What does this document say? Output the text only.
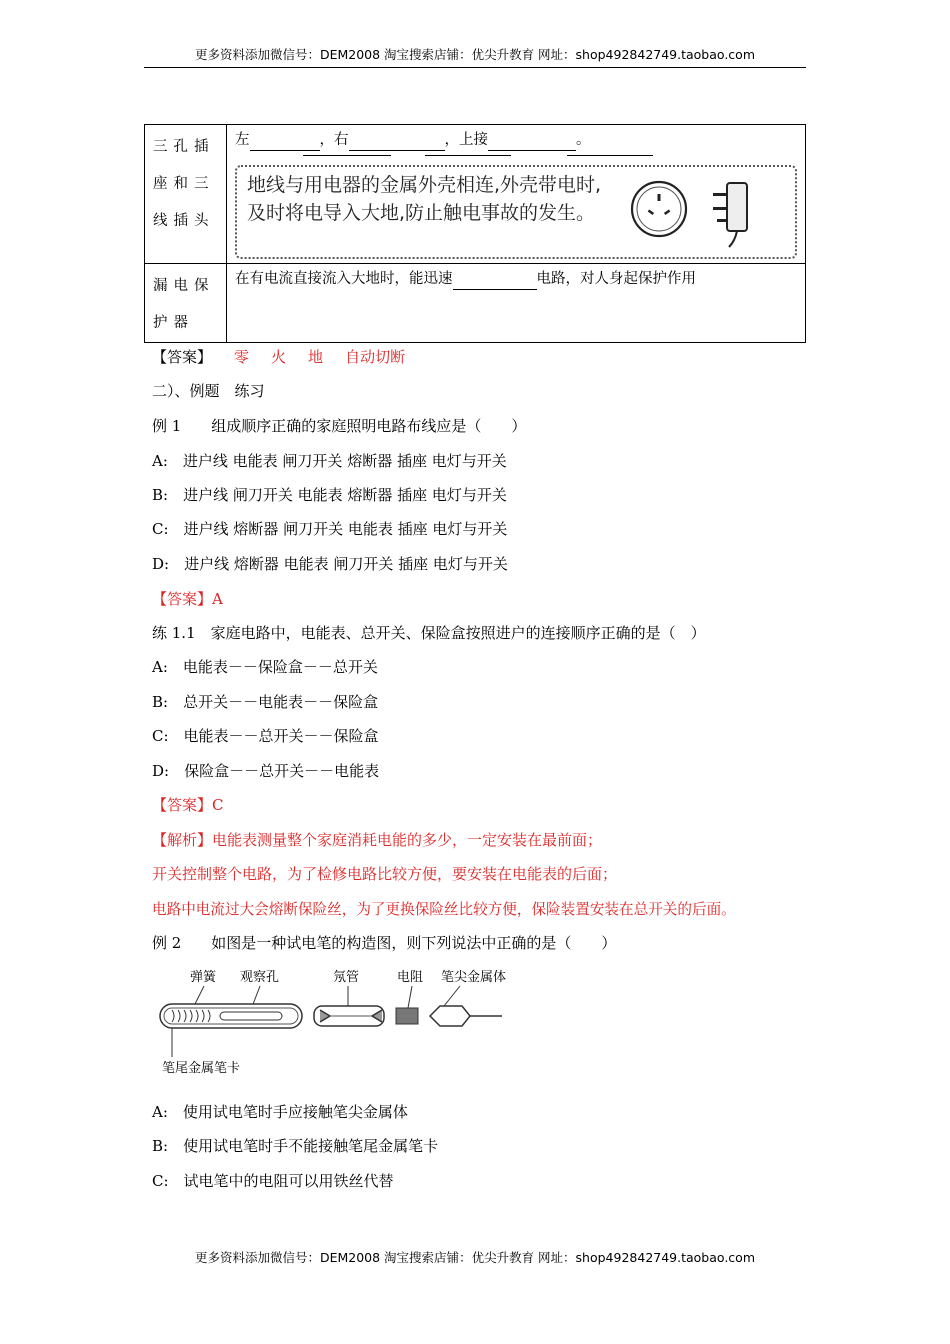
更多资料添加微信号：DEM2008 淘宝搜索店铺：优尖升教育 网址：shop492842749.taobao.com
三孔插座和三线插头	左 ，右 ，上接 。
地线与用电器的金属外壳相连,外壳带电时,及时将电导入大地,防止触电事故的发生。

漏电保护器	在有电流直接流入大地时，能迅速 电路，对人身起保护作用
【答案】 零 火 地 自动切断
二）、例题　练习
例 1　　组成顺序正确的家庭照明电路布线应是（　　）
A:　进户线 电能表 闸刀开关 熔断器 插座 电灯与开关
B:　进户线 闸刀开关 电能表 熔断器 插座 电灯与开关
C:　进户线 熔断器 闸刀开关 电能表 插座 电灯与开关
D:　进户线 熔断器 电能表 闸刀开关 插座 电灯与开关
【答案】A
练 1.1　家庭电路中，电能表、总开关、保险盒按照进户的连接顺序正确的是（　）
A:　电能表－－保险盒－－总开关
B:　总开关－－电能表－－保险盒
C:　电能表－－总开关－－保险盒
D:　保险盒－－总开关－－电能表
【答案】C
【解析】电能表测量整个家庭消耗电能的多少，一定安装在最前面；
开关控制整个电路，为了检修电路比较方便，要安装在电能表的后面；
电路中电流过大会熔断保险丝，为了更换保险丝比较方便，保险装置安装在总开关的后面。
例 2　　如图是一种试电笔的构造图，则下列说法中正确的是（　　）
弹簧 观察孔	氖管	电阻 笔尖金属体
笔尾金属笔卡
A:　使用试电笔时手应接触笔尖金属体
B:　使用试电笔时手不能接触笔尾金属笔卡
C:　试电笔中的电阻可以用铁丝代替
更多资料添加微信号：DEM2008 淘宝搜索店铺：优尖升教育 网址：shop492842749.taobao.com
